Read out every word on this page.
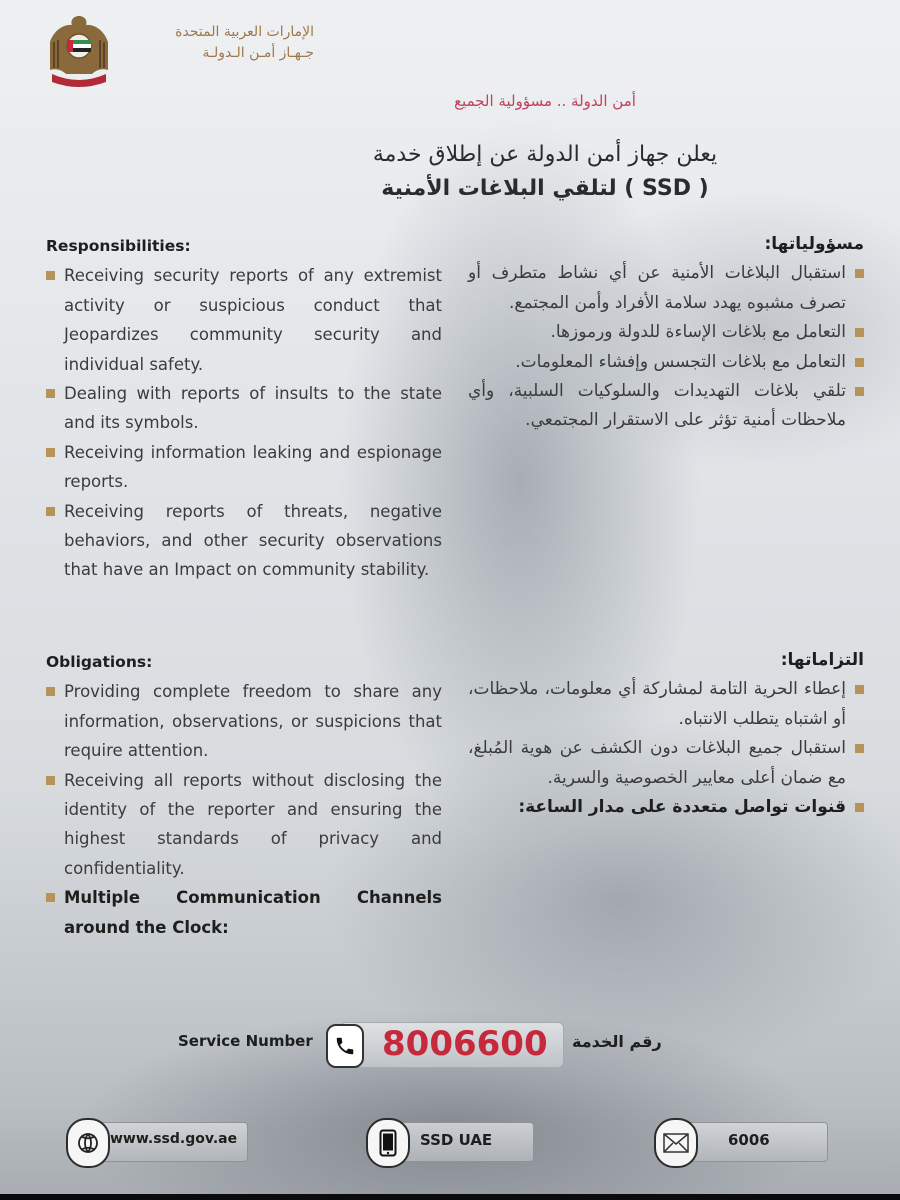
الإمارات العربية المتحدة
جـهـاز أمـن الـدولـة
أمن الدولة .. مسؤولية الجميع
يعلن جهاز أمن الدولة عن إطلاق خدمة
( SSD ) لتلقي البلاغات الأمنية
Responsibilities:
Receiving security reports of any extremist activity or suspicious conduct that Jeopardizes community security and individual safety.
Dealing with reports of insults to the state and its symbols.
Receiving information leaking and espionage reports.
Receiving reports of threats, negative behaviors, and other security observations that have an Impact on community stability.
مسؤولياتها:
استقبال البلاغات الأمنية عن أي نشاط متطرف أو تصرف مشبوه يهدد سلامة الأفراد وأمن المجتمع.
التعامل مع بلاغات الإساءة للدولة ورموزها.
التعامل مع بلاغات التجسس وإفشاء المعلومات.
تلقي بلاغات التهديدات والسلوكيات السلبية، وأي ملاحظات أمنية تؤثر على الاستقرار المجتمعي.
Obligations:
Providing complete freedom to share any information, observations, or suspicions that require attention.
Receiving all reports without disclosing the identity of the reporter and ensuring the highest standards of privacy and confidentiality.
Multiple Communication Channels around the Clock:
التزاماتها:
إعطاء الحرية التامة لمشاركة أي معلومات، ملاحظات، أو اشتباه يتطلب الانتباه.
استقبال جميع البلاغات دون الكشف عن هوية المُبلغ، مع ضمان أعلى معايير الخصوصية والسرية.
قنوات تواصل متعددة على مدار الساعة:
Service Number 8006600 رقم الخدمة
www.ssd.gov.ae	SSD UAE	6006
